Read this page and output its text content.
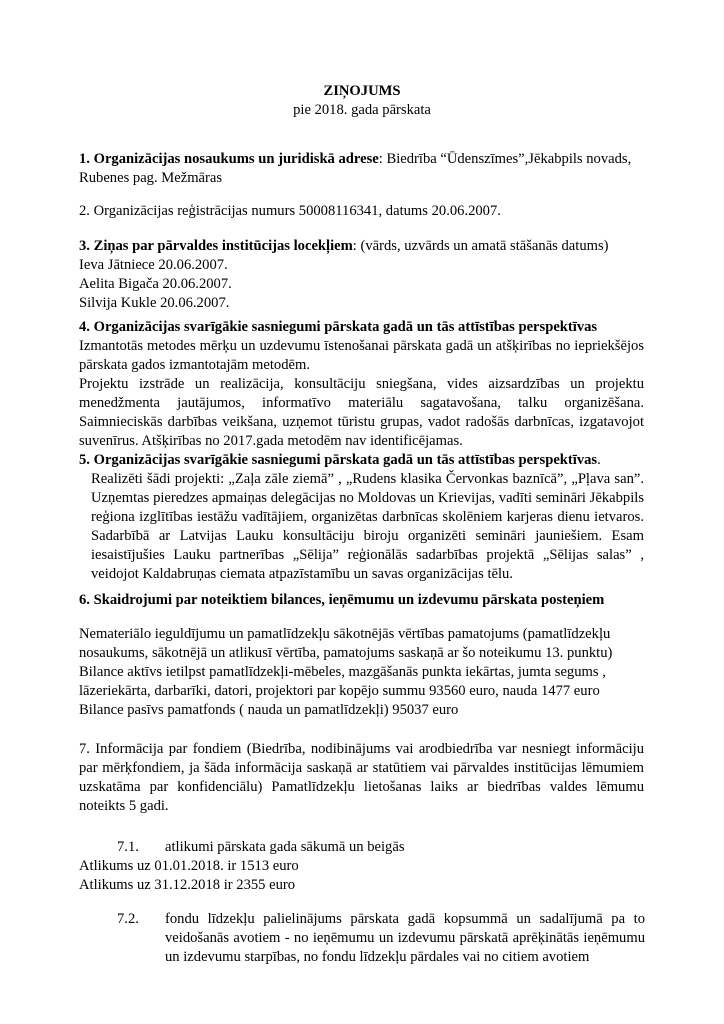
ZIŅOJUMS
pie 2018. gada pārskata

1. Organizācijas nosaukums un juridiskā adrese: Biedrība “Ūdenszīmes”,Jēkabpils novads, Rubenes pag. Mežmāras

2. Organizācijas reģistrācijas numurs 50008116341, datums 20.06.2007.

3. Ziņas par pārvaldes institūcijas locekļiem: (vārds, uzvārds un amatā stāšanās datums)

Ieva Jātniece 20.06.2007.

Aelita Bigača 20.06.2007.

Silvija Kukle 20.06.2007.

4. Organizācijas svarīgākie sasniegumi pārskata gadā un tās attīstības perspektīvas

Izmantotās metodes mērķu un uzdevumu īstenošanai pārskata gadā un atšķirības no iepriekšējos pārskata gados izmantotajām metodēm.

Projektu izstrāde un realizācija, konsultāciju sniegšana, vides aizsardzības un projektu menedžmenta jautājumos, informatīvo materiālu sagatavošana, talku organizēšana. Saimnieciskās darbības veikšana, uzņemot tūristu grupas, vadot radošās darbnīcas, izgatavojot suvenīrus. Atšķirības no 2017.gada metodēm nav identificējamas.

5. Organizācijas svarīgākie sasniegumi pārskata gadā un tās attīstības perspektīvas.

Realizēti šādi projekti: „Zaļa zāle ziemā” , „Rudens klasika Červonkas baznīcā”, „Pļava san”. Uzņemtas pieredzes apmaiņas delegācijas no Moldovas un Krievijas, vadīti semināri Jēkabpils reģiona izglītības iestāžu vadītājiem, organizētas darbnīcas skolēniem karjeras dienu ietvaros. Sadarbībā ar Latvijas Lauku konsultāciju biroju organizēti semināri jauniešiem. Esam iesaistījušies Lauku partnerības „Sēlija” reģionālās sadarbības projektā „Sēlijas salas” , veidojot Kaldabruņas ciemata atpazīstamību un savas organizācijas tēlu.

6. Skaidrojumi par noteiktiem bilances, ieņēmumu un izdevumu pārskata posteņiem

Nemateriālo ieguldījumu un pamatlīdzekļu sākotnējās vērtības pamatojums (pamatlīdzekļu nosaukums, sākotnējā un atlikusī vērtība, pamatojums saskaņā ar šo noteikumu 13. punktu)

Bilance aktīvs ietilpst pamatlīdzekļi-mēbeles, mazgāšanās punkta iekārtas, jumta segums , lāzeriekārta, darbarīki, datori, projektori par kopējo summu 93560 euro, nauda 1477 euro

Bilance pasīvs pamatfonds ( nauda un pamatlīdzekļi) 95037 euro

7. Informācija par fondiem (Biedrība, nodibinājums vai arodbiedrība var nesniegt informāciju par mērķfondiem, ja šāda informācija saskaņā ar statūtiem vai pārvaldes institūcijas lēmumiem uzskatāma par konfidenciālu) Pamatlīdzekļu lietošanas laiks ar biedrības valdes lēmumu noteikts 5 gadi.

7.1. atlikumi pārskata gada sākumā un beigās

Atlikums uz 01.01.2018. ir 1513 euro

Atlikums uz 31.12.2018 ir 2355 euro

7.2. fondu līdzekļu palielinājums pārskata gadā kopsummā un sadalījumā pa to veidošanās avotiem - no ieņēmumu un izdevumu pārskatā aprēķinātās ieņēmumu un izdevumu starpības, no fondu līdzekļu pārdales vai no citiem avotiem
